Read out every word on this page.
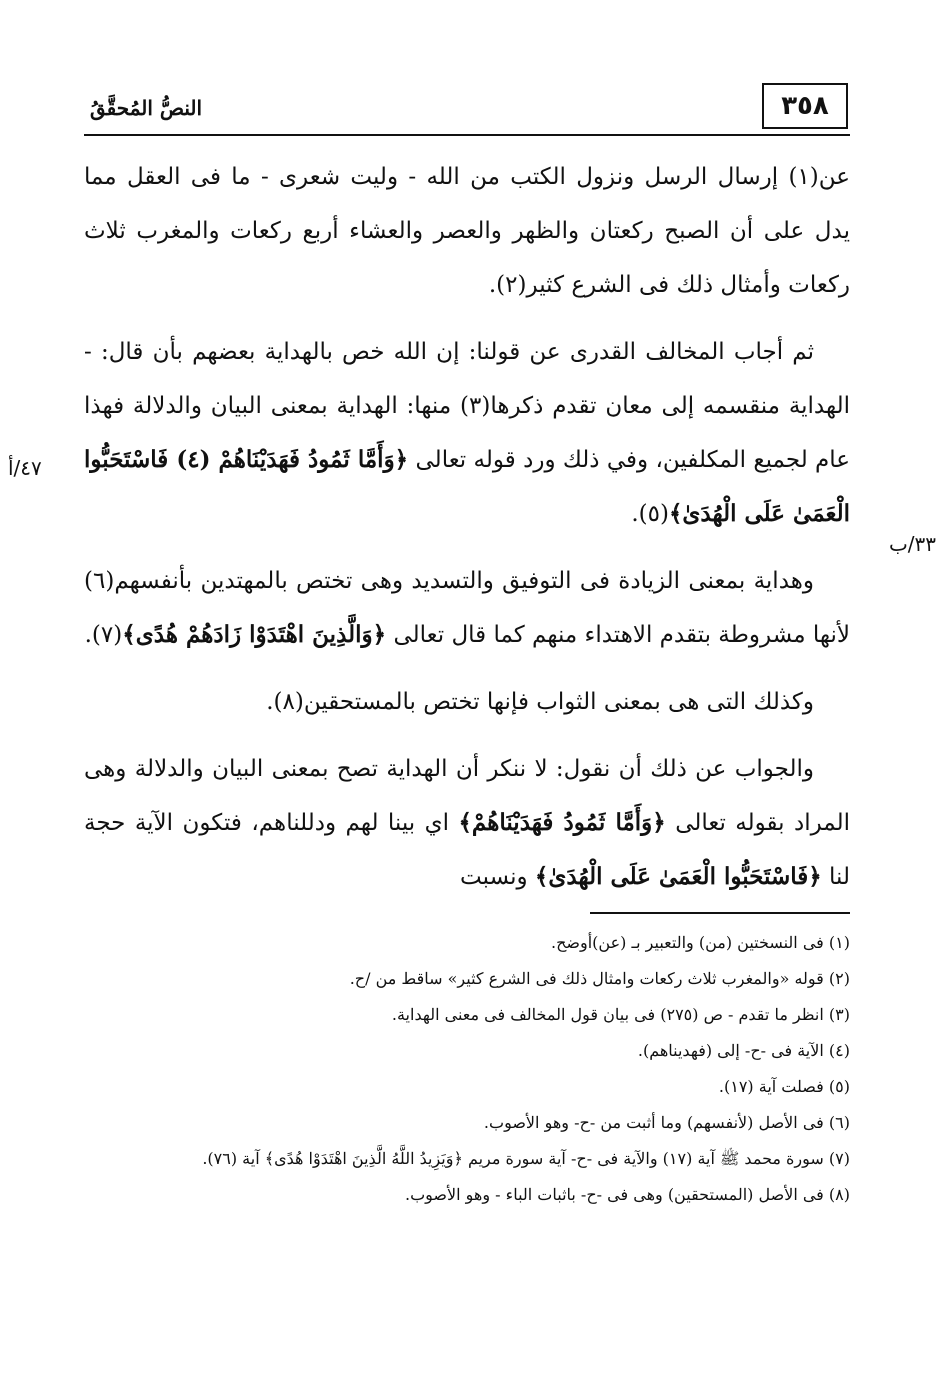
النصُّ المُحقَّقُ	٣٥٨
٤٧/أ
٣٣/ب

عن(١) إرسال الرسل ونزول الكتب من الله - وليت شعرى - ما فى العقل مما يدل على أن الصبح ركعتان والظهر والعصر والعشاء أربع ركعات والمغرب ثلاث ركعات وأمثال ذلك فى الشرع كثير(٢).

ثم أجاب المخالف القدرى عن قولنا: إن الله خص بالهداية بعضهم بأن قال: - الهداية منقسمه إلى معان تقدم ذكرها(٣) منها: الهداية بمعنى البيان والدلالة فهذا عام لجميع المكلفين، وفي ذلك ورد قوله تعالى ﴿وَأَمَّا ثَمُودُ فَهَدَيْنَاهُمْ (٤) فَاسْتَحَبُّوا الْعَمَىٰ عَلَى الْهُدَىٰ﴾(٥).

وهداية بمعنى الزيادة فى التوفيق والتسديد وهى تختص بالمهتدين بأنفسهم(٦) لأنها مشروطة بتقدم الاهتداء منهم كما قال تعالى ﴿وَالَّذِينَ اهْتَدَوْا زَادَهُمْ هُدًى﴾(٧).

وكذلك التى هى بمعنى الثواب فإنها تختص بالمستحقين(٨).

والجواب عن ذلك أن نقول: لا ننكر أن الهداية تصح بمعنى البيان والدلالة وهى المراد بقوله تعالى ﴿وَأَمَّا ثَمُودُ فَهَدَيْنَاهُمْ﴾ اي بينا لهم ودللناهم، فتكون الآية حجة لنا ﴿فَاسْتَحَبُّوا الْعَمَىٰ عَلَى الْهُدَىٰ﴾ ونسبت

(١) فى النسختين (من) والتعبير بـ (عن)أوضح.

(٢) قوله «والمغرب ثلاث ركعات وامثال ذلك فى الشرع كثير» ساقط من /ح.

(٣) انظر ما تقدم - ص (٢٧٥) فى بيان قول المخالف فى معنى الهداية.

(٤) الآية فى -ح- إلى (فهديناهم).

(٥) فصلت آية (١٧).

(٦) فى الأصل (لأنفسهم) وما أثبت من -ح- وهو الأصوب.

(٧) سورة محمد ﷺ آية (١٧) والآية فى -ح- آية سورة مريم ﴿وَيَزِيدُ اللَّهُ الَّذِينَ اهْتَدَوْا هُدًى﴾ آية (٧٦).

(٨) فى الأصل (المستحقين) وهى فى -ح- باثبات الباء - وهو الأصوب.
